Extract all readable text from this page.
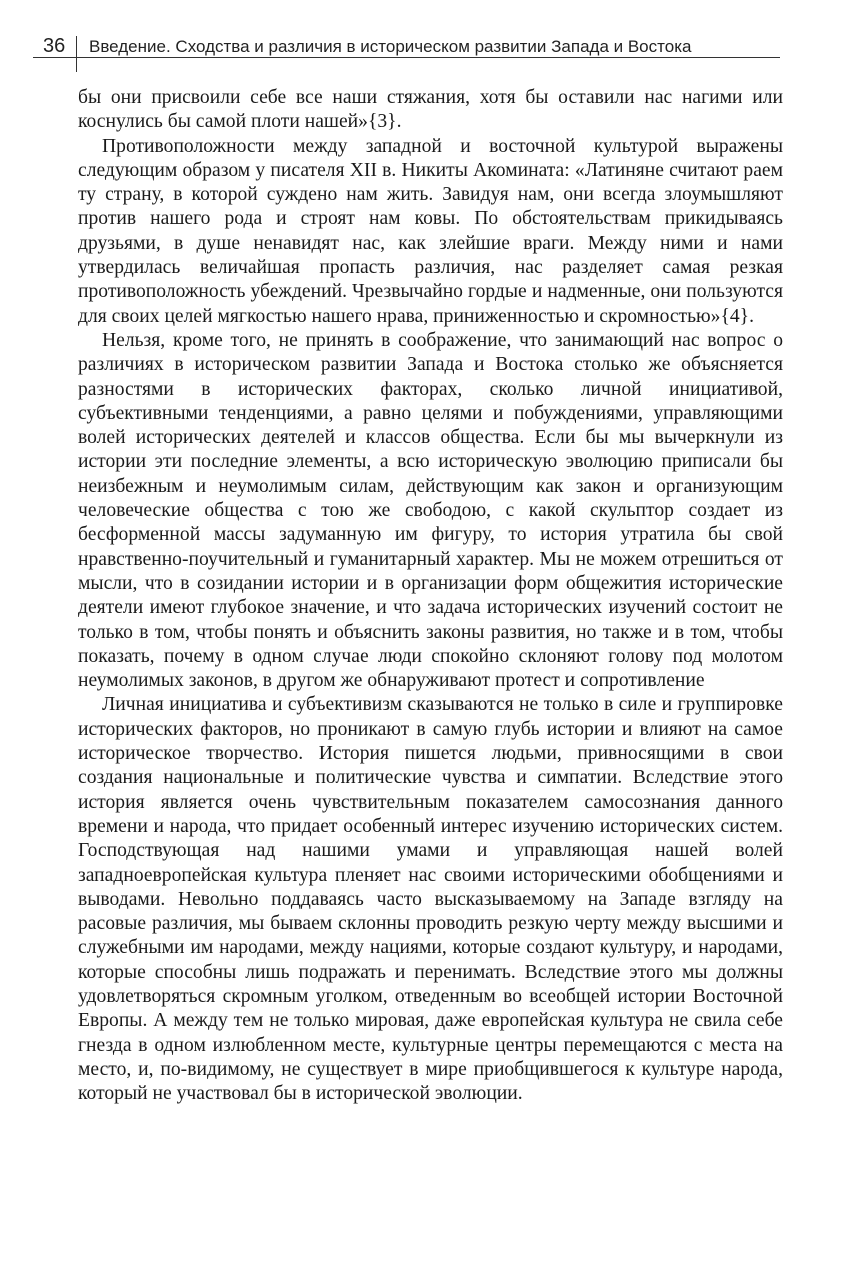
36 Введение. Сходства и различия в историческом развитии Запада и Востока

бы они присвоили себе все наши стяжания, хотя бы оставили нас нагими или коснулись бы самой плоти нашей»{3}.

Противоположности между западной и восточной культурой выражены следующим образом у писателя XII в. Никиты Акомината: «Латиняне считают раем ту страну, в которой суждено нам жить. Завидуя нам, они всегда злоумышляют против нашего рода и строят нам ковы. По обстоятельствам прикидываясь друзьями, в душе ненавидят нас, как злейшие враги. Между ними и нами утвердилась величайшая пропасть различия, нас разделяет самая резкая противоположность убеждений. Чрезвычайно гордые и надменные, они пользуются для своих целей мягкостью нашего нрава, приниженностью и скромностью»{4}.

Нельзя, кроме того, не принять в соображение, что занимающий нас вопрос о различиях в историческом развитии Запада и Востока столько же объясняется разностями в исторических факторах, сколько личной инициативой, субъективными тенденциями, а равно целями и побуждениями, управляющими волей исторических деятелей и классов общества. Если бы мы вычеркнули из истории эти последние элементы, а всю историческую эволюцию приписали бы неизбежным и неумолимым силам, действующим как закон и организующим человеческие общества с тою же свободою, с какой скульптор создает из бесформенной массы задуманную им фигуру, то история утратила бы свой нравственно-поучительный и гуманитарный характер. Мы не можем отрешиться от мысли, что в созидании истории и в организации форм общежития исторические деятели имеют глубокое значение, и что задача исторических изучений состоит не только в том, чтобы понять и объяснить законы развития, но также и в том, чтобы показать, почему в одном случае люди спокойно склоняют голову под молотом неумолимых законов, в другом же обнаруживают протест и сопротивление

Личная инициатива и субъективизм сказываются не только в силе и группировке исторических факторов, но проникают в самую глубь истории и влияют на самое историческое творчество. История пишется людьми, привносящими в свои создания национальные и политические чувства и симпатии. Вследствие этого история является очень чувствительным показателем самосознания данного времени и народа, что придает особенный интерес изучению исторических систем. Господствующая над нашими умами и управляющая нашей волей западноевропейская культура пленяет нас своими историческими обобщениями и выводами. Невольно поддаваясь часто высказываемому на Западе взгляду на расовые различия, мы бываем склонны проводить резкую черту между высшими и служебными им народами, между нациями, которые создают культуру, и народами, которые способны лишь подражать и перенимать. Вследствие этого мы должны удовлетворяться скромным уголком, отведенным во всеобщей истории Восточной Европы. А между тем не только мировая, даже европейская культура не свила себе гнезда в одном излюбленном месте, культурные центры перемещаются с места на место, и, по-видимому, не существует в мире приобщившегося к культуре народа, который не участвовал бы в исторической эволюции.
